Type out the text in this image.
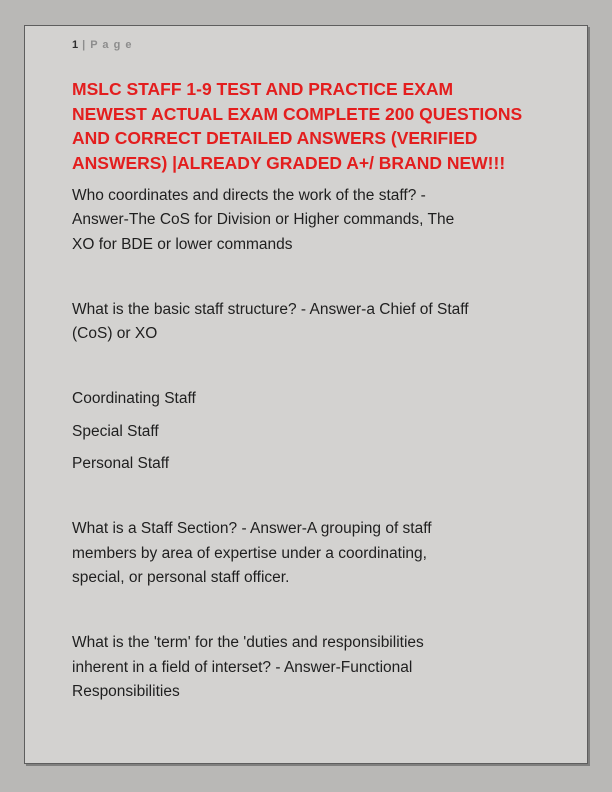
1 | P a g e
MSLC STAFF 1-9 TEST AND PRACTICE EXAM
NEWEST ACTUAL EXAM COMPLETE 200 QUESTIONS
AND CORRECT DETAILED ANSWERS (VERIFIED
ANSWERS) |ALREADY GRADED A+/ BRAND NEW!!!
Who coordinates and directs the work of the staff? -
Answer-The CoS for Division or Higher commands, The
XO for BDE or lower commands
What is the basic staff structure? - Answer-a Chief of Staff
(CoS) or XO
Coordinating Staff
Special Staff
Personal Staff
What is a Staff Section? - Answer-A grouping of staff
members by area of expertise under a coordinating,
special, or personal staff officer.
What is the 'term' for the 'duties and responsibilities
inherent in a field of interset? - Answer-Functional
Responsibilities
